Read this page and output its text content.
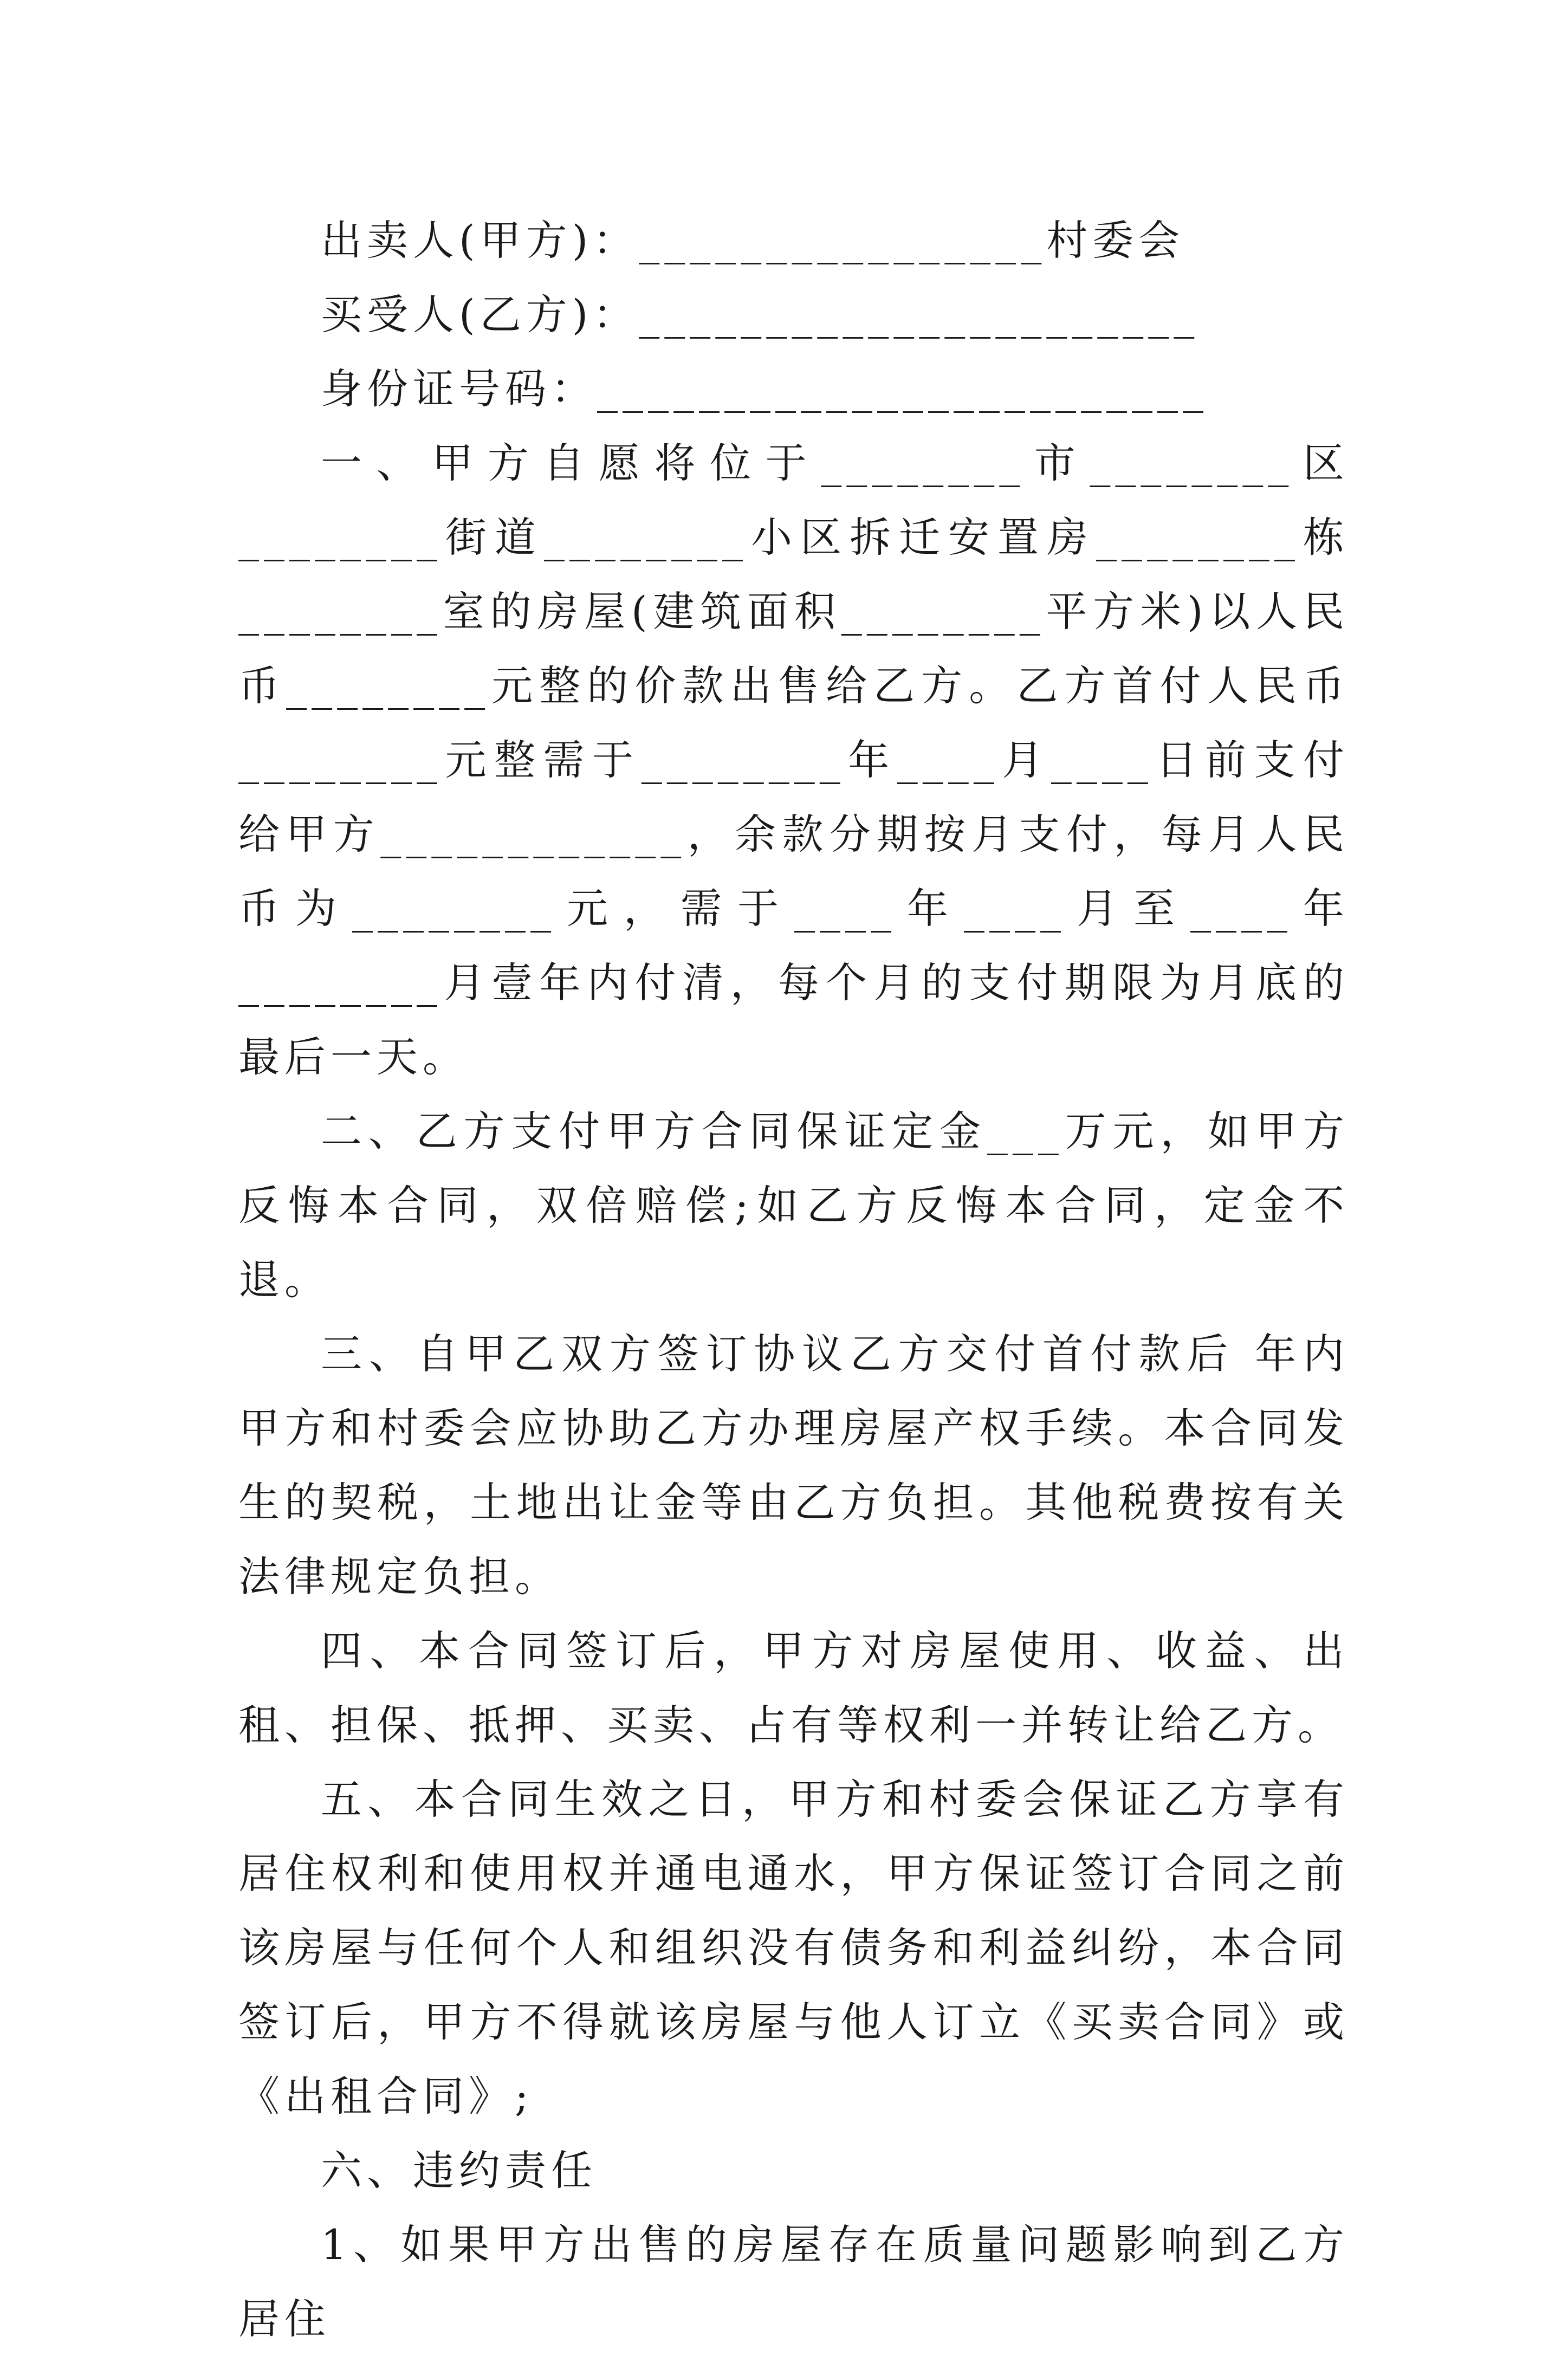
出卖人(甲方)：________________村委会

买受人(乙方)：______________________

身份证号码：________________________

一、甲方自愿将位于________市________区________街道________小区拆迁安置房________栋________室的房屋(建筑面积________平方米)以人民币________元整的价款出售给乙方。乙方首付人民币________元整需于________年____月____日前支付给甲方____________，余款分期按月支付，每月人民币为________元，需于____年____月至____年________月壹年内付清，每个月的支付期限为月底的最后一天。

二、乙方支付甲方合同保证定金___万元，如甲方反悔本合同，双倍赔偿;如乙方反悔本合同，定金不退。

三、自甲乙双方签订协议乙方交付首付款后 年内甲方和村委会应协助乙方办理房屋产权手续。本合同发生的契税，土地出让金等由乙方负担。其他税费按有关法律规定负担。

四、本合同签订后，甲方对房屋使用、收益、出租、担保、抵押、买卖、占有等权利一并转让给乙方。

五、本合同生效之日，甲方和村委会保证乙方享有居住权利和使用权并通电通水，甲方保证签订合同之前该房屋与任何个人和组织没有债务和利益纠纷，本合同签订后，甲方不得就该房屋与他人订立《买卖合同》或《出租合同》;

六、违约责任

1、如果甲方出售的房屋存在质量问题影响到乙方居住
